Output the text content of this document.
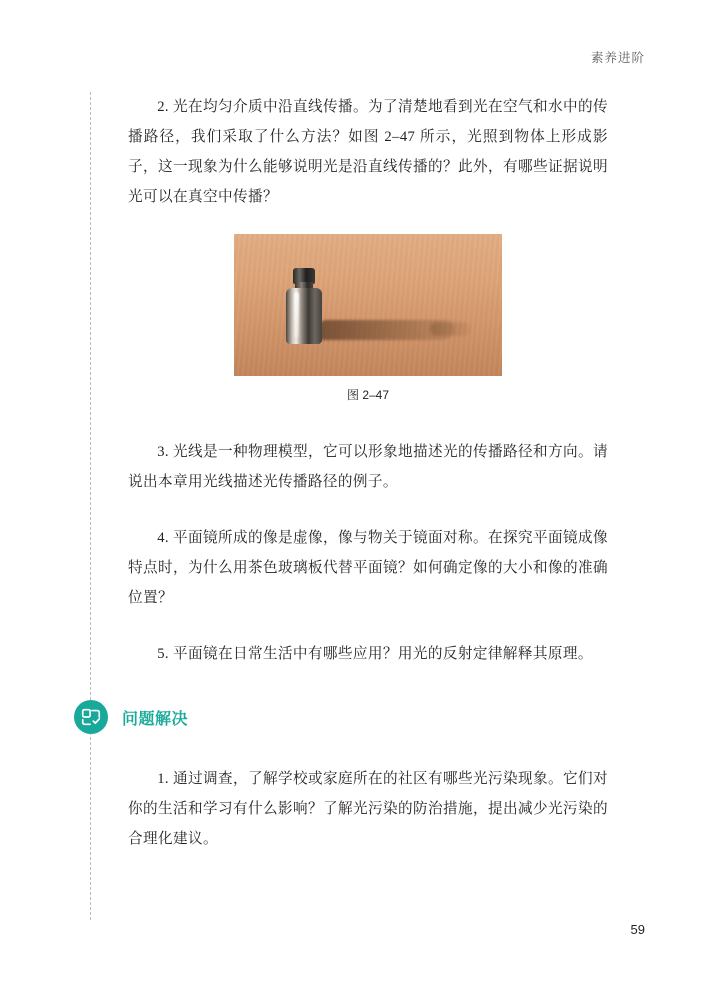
素养进阶

2. 光在均匀介质中沿直线传播。为了清楚地看到光在空气和水中的传播路径，我们采取了什么方法？如图 2–47 所示，光照到物体上形成影子，这一现象为什么能够说明光是沿直线传播的？此外，有哪些证据说明光可以在真空中传播？

图 2–47

3. 光线是一种物理模型，它可以形象地描述光的传播路径和方向。请说出本章用光线描述光传播路径的例子。

4. 平面镜所成的像是虚像，像与物关于镜面对称。在探究平面镜成像特点时，为什么用茶色玻璃板代替平面镜？如何确定像的大小和像的准确位置？

5. 平面镜在日常生活中有哪些应用？用光的反射定律解释其原理。

问题解决

1. 通过调查，了解学校或家庭所在的社区有哪些光污染现象。它们对你的生活和学习有什么影响？了解光污染的防治措施，提出减少光污染的合理化建议。

59
